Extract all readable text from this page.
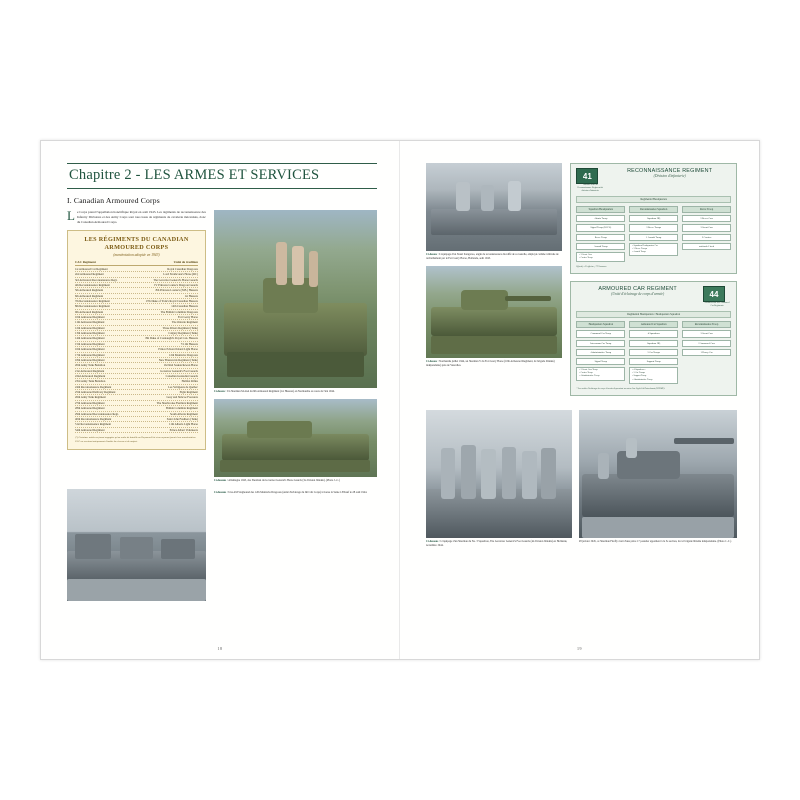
Chapitre 2 - LES ARMES ET SERVICES
I. Canadian Armoured Corps

L e Corps prend l'appellation honérifique Royal en août 1945. Les régiments de reconnaissance des Infantry Divisions et des Army Corps sont tous issus de régiments de cavalerie mécanisés, donc du Canadian Armoured Corps.

LES RÉGIMENTS DU CANADIAN
ARMOURED CORPS
(numérotation adoptée en 1943)
CAC Regiment	Unité de tradition
1st Armoured Car Regiment	Royal Canadian Dragoons
2nd Armoured Regiment	Lord Strathcona's Horse (RC)
3rd Armoured Reconnaissance Regt.	The Governor General's Horse Guards
4th Reconnaissance Regiment	IV Princess Louise's Dragoon Guards
5th Armoured Regiment	8th Princess Louise's (N.B.) Hussars
6th Armoured Regiment	1st Hussars
7th Reconnaissance Regiment	17th Duke of York's Royal Canadian Hussars
8th Reconnaissance Regiment	14th Canadian Hussars
9th Armoured Regiment	The British Columbia Dragoons
10th Armoured Regiment	Fort Garry Horse
11th Armoured Regiment	The Ontario Regiment
12th Armoured Regiment	Three Rivers Regiment (Tank)
13th Armoured Regiment	Calgary Regiment (Tank)
14th Armoured Regiment	8th Duke of Connaught's Royal Can. Hussars
15th Armoured Regiment	7/11th Hussars
16th Armoured Regiment	Prince Edward Island Light Horse
17th Armoured Regiment	12th Manitoba Dragoons
18th Armoured Regiment	New Brunswick Regiment (Tank)
20th Army Tank Battalion	16/22nd Saskatchewan Horse
21st Armoured Regiment	Governor General's Foot Guards
22nd Armoured Regiment	Canadian Grenadier Guards
23rd Army Tank Battalion	Halifax Rifles
24th Reconnaissance Regiment	Les Voltigeurs de Québec
25th Armoured Delivery Regiment	Elgin Regiment
26th Army Tank Regiment	Grey and Simcoe Foresters
27th Armoured Regiment	The Sherbrooke Fusiliers Regiment
28th Armoured Regiment	British Columbia Regiment
29th Armoured Reconnaissance Regt.	South Alberta Regiment
40th Reconnaissance Regiment	Saint John Fusiliers (Tank)
51st Reconnaissance Regiment	11th Alberta Light Horse
54th Armoured Regiment	Prince Albert Volunteers
(*) Certaines unités ne furent engagées qu'en ordre de bataille au Royaume-Uni et ne reçurent jamais leur numérotation CAC ou servirent uniquement d'unités de réserve et de renfort.
Ci-dessus : Un Sherman M-4A4 du 6th Armoured Regiment (1st Hussars) en Normandie au cours de l'été 1944.
Ci-dessous : Allemagne 1945, des Sherman du Governor General's Horse Guards (3e division blindée). (Photo J.-C.)
Ci-dessous : Une AM Staghound des 12th Manitoba Dragoons (unité d'éclairage du IIè Cdn Corps) traverse la Seine à Elbeuf le 28 août 1944.
18
Ci-dessus : L'équipage d'un Stuart Kangaroo, engin de reconnaissance décoiffé de sa tourelle, employé comme véhicule de ravitaillement par le Fort Garry Horse, Hollande, août 1945.
Ci-dessus : Normandie juillet 1944, un Sherman V du Fort Garry Horse (10th Armoured Regiment, 2è brigade blindée) indépendante) près de Vaucelles.
41
Number-code du Reconnaissance Regiment de division d'infanterie
RECONNAISSANCE REGIMENT
(Division d'infanterie)
Regimental Headquarters
Squadron Headquarters
Admin Troop
Signal Troop (RCCS)
Recce Troop
Assault Troop
• 3 Scout Cars
• Carrier Troop
Reconnaissance Squadron
Squadron HQ
3 Recce Troops
1 Assault Troop
• Squadron Headquarters Car
• 3 Recce Troops
• Assault Troop
Recce Troop
3 Recce Cars
3 Scout Cars
2 Carriers
anti-tank 2 inch
Effectif : 41 officiers, 772 hommes
44
Number-code des Armoured Car Regiments
ARMOURED CAR REGIMENT
(Unité d'éclairage de corps d'armée)
Regimental Headquarters / Headquarters Squadron
Headquarters Squadron
Command Car Troop
Intercomm Car Troop
Administrative Troop
Signal Troop
• 2 Scout Cars Troop
• Carrier Troop
• Administrative Troop
Armoured Car Squadron
4 Squadrons
Squadron HQ
3 Car Troops
Support Troop
• 4 Squadrons :
• 3 Car Troops
• Support Troop
• Administrative Troop
Reconnaissance Troop
3 Scout Cars
2 Armoured Cars
1 Heavy Car
* Les unités d'éclairage de corps d'armée disposaient en outre d'un Light Aid Detachment (RCEME).
Ci-dessous : L'équipage d'un Sherman du No. 3 Squadron, The Governor General's Foot Guards (4è division blindée) en Hollande, novembre 1944.
28 janvier 1945, ce Sherman Firefly avait d'une pièce 17 pounder appartient à la 3e section, du 1è brigade blindée indépendante. (Photo J.-C.)
19
